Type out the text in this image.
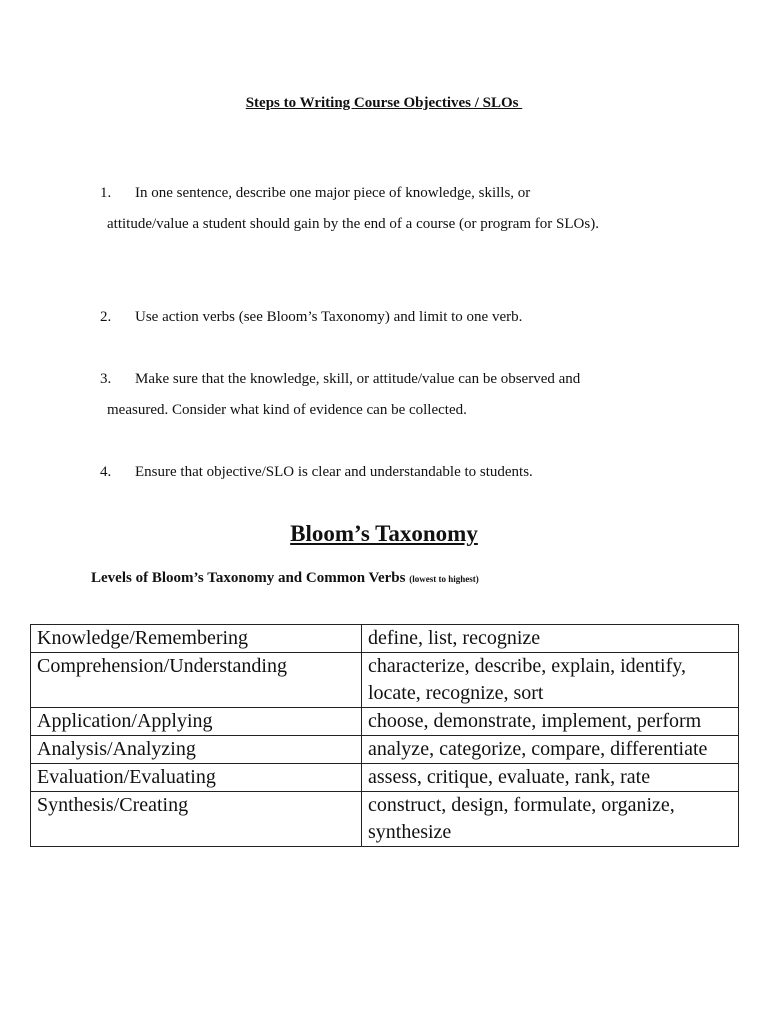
Steps to Writing Course Objectives / SLOs
1. In one sentence, describe one major piece of knowledge, skills, or
attitude/value a student should gain by the end of a course (or program for SLOs).
2. Use action verbs (see Bloom’s Taxonomy) and limit to one verb.
3. Make sure that the knowledge, skill, or attitude/value can be observed and
measured. Consider what kind of evidence can be collected.
4. Ensure that objective/SLO is clear and understandable to students.
Bloom’s Taxonomy
Levels of Bloom’s Taxonomy and Common Verbs (lowest to highest)
Knowledge/Remembering	define, list, recognize
Comprehension/Understanding	characterize, describe, explain, identify, locate, recognize, sort
Application/Applying	choose, demonstrate, implement, perform
Analysis/Analyzing	analyze, categorize, compare, differentiate
Evaluation/Evaluating	assess, critique, evaluate, rank, rate
Synthesis/Creating	construct, design, formulate, organize, synthesize
